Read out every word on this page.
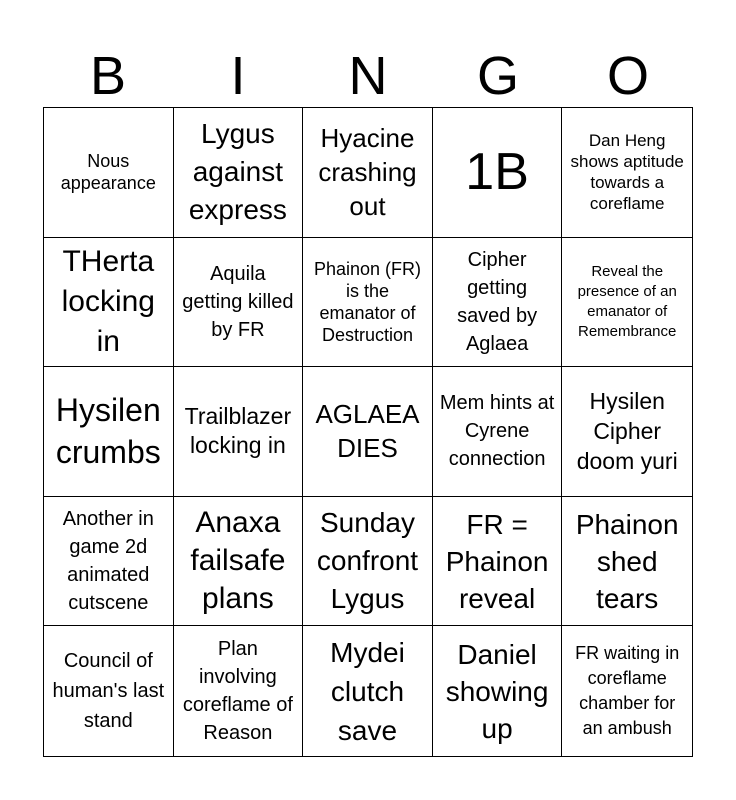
B	I	N	G	O
Nous appearance
Lygus against express
Hyacine crashing out
1B
Dan Heng shows aptitude towards a coreflame
THerta locking in
Aquila getting killed by FR
Phainon (FR) is the emanator of Destruction
Cipher getting saved by Aglaea
Reveal the presence of an emanator of Remembrance
Hysilen crumbs
Trailblazer locking in
AGLAEA DIES
Mem hints at Cyrene connection
Hysilen Cipher doom yuri
Another in game 2d animated cutscene
Anaxa failsafe plans
Sunday confront Lygus
FR = Phainon reveal
Phainon shed tears
Council of human's last stand
Plan involving coreflame of Reason
Mydei clutch save
Daniel showing up
FR waiting in coreflame chamber for an ambush
